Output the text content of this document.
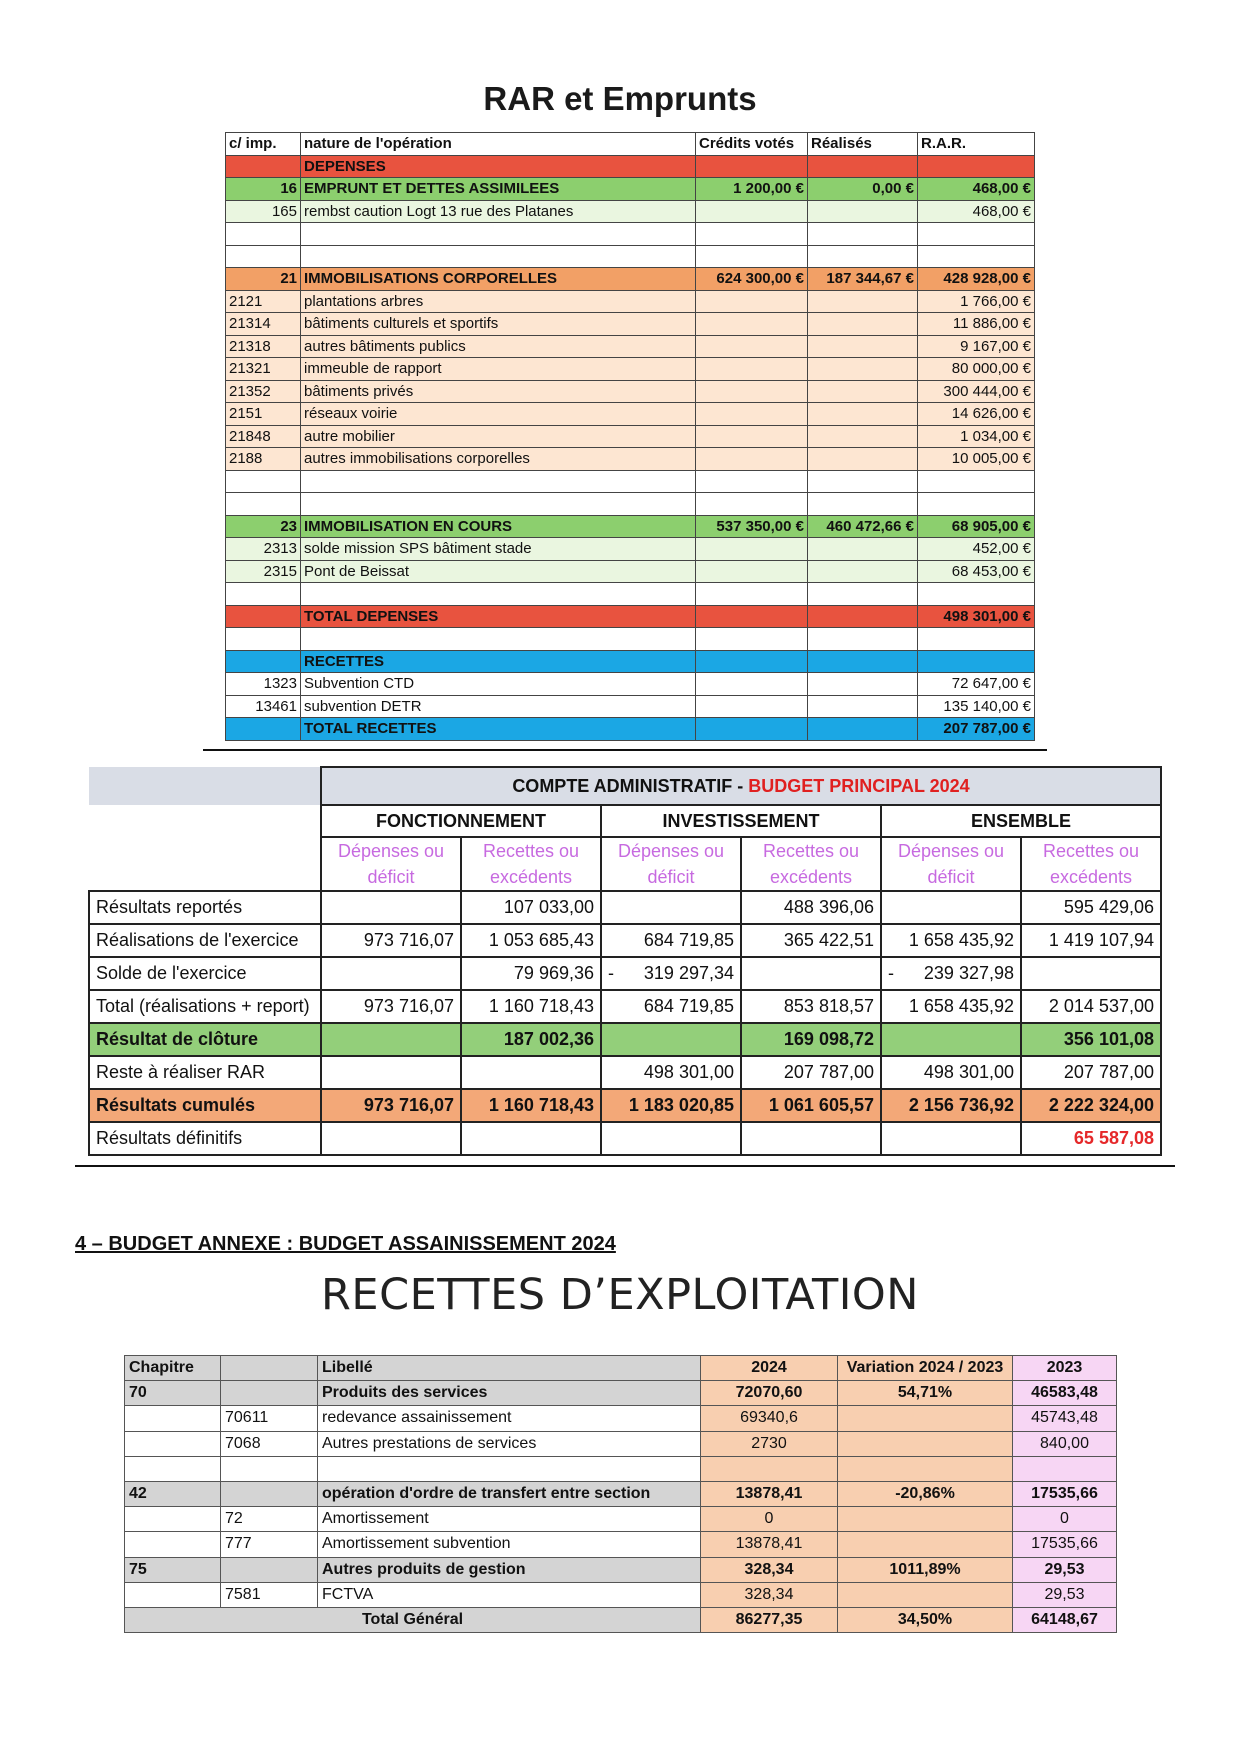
RAR et Emprunts
c/ imp.	nature de l'opération	Crédits votés	Réalisés	R.A.R.
	DEPENSES			
16	EMPRUNT ET DETTES ASSIMILEES	1 200,00 €	0,00 €	468,00 €
165	rembst caution Logt 13 rue des Platanes			468,00 €

21	IMMOBILISATIONS CORPORELLES	624 300,00 €	187 344,67 €	428 928,00 €
2121	plantations arbres			1 766,00 €
21314	bâtiments culturels et sportifs			11 886,00 €
21318	autres bâtiments publics			9 167,00 €
21321	immeuble de rapport			80 000,00 €
21352	bâtiments privés			300 444,00 €
2151	réseaux voirie			14 626,00 €
21848	autre mobilier			1 034,00 €
2188	autres immobilisations corporelles			10 005,00 €

23	IMMOBILISATION EN COURS	537 350,00 €	460 472,66 €	68 905,00 €
2313	solde mission SPS bâtiment stade			452,00 €
2315	Pont de Beissat			68 453,00 €

	TOTAL DEPENSES			498 301,00 €

	RECETTES			
1323	Subvention CTD			72 647,00 €
13461	subvention DETR			135 140,00 €
	TOTAL RECETTES			207 787,00 €
	COMPTE ADMINISTRATIF - BUDGET PRINCIPAL 2024					
	FONCTIONNEMENT		INVESTISSEMENT		ENSEMBLE	
	Dépenses ou déficit	Recettes ou excédents	Dépenses ou déficit	Recettes ou excédents	Dépenses ou déficit	Recettes ou excédents
Résultats reportés		107 033,00		488 396,06		595 429,06
Réalisations de l'exercice	973 716,07	1 053 685,43	684 719,85	365 422,51	1 658 435,92	1 419 107,94
Solde de l'exercice		79 969,36	- 319 297,34		- 239 327,98	
Total (réalisations + report)	973 716,07	1 160 718,43	684 719,85	853 818,57	1 658 435,92	2 014 537,00
Résultat de clôture		187 002,36		169 098,72		356 101,08
Reste à réaliser RAR			498 301,00	207 787,00	498 301,00	207 787,00
Résultats cumulés	973 716,07	1 160 718,43	1 183 020,85	1 061 605,57	2 156 736,92	2 222 324,00
Résultats définitifs						65 587,08
4 – BUDGET ANNEXE : BUDGET ASSAINISSEMENT 2024
RECETTES D’EXPLOITATION
Chapitre		Libellé	2024	Variation 2024 / 2023	2023
70		Produits des services	72070,60	54,71%	46583,48
	70611	redevance assainissement	69340,6		45743,48
	7068	Autres prestations de services	2730		840,00

42		opération d'ordre de transfert entre section	13878,41	-20,86%	17535,66
	72	Amortissement	0		0
	777	Amortissement subvention	13878,41		17535,66
75		Autres produits de gestion	328,34	1011,89%	29,53
	7581	FCTVA	328,34		29,53
Total Général			86277,35	34,50%	64148,67
